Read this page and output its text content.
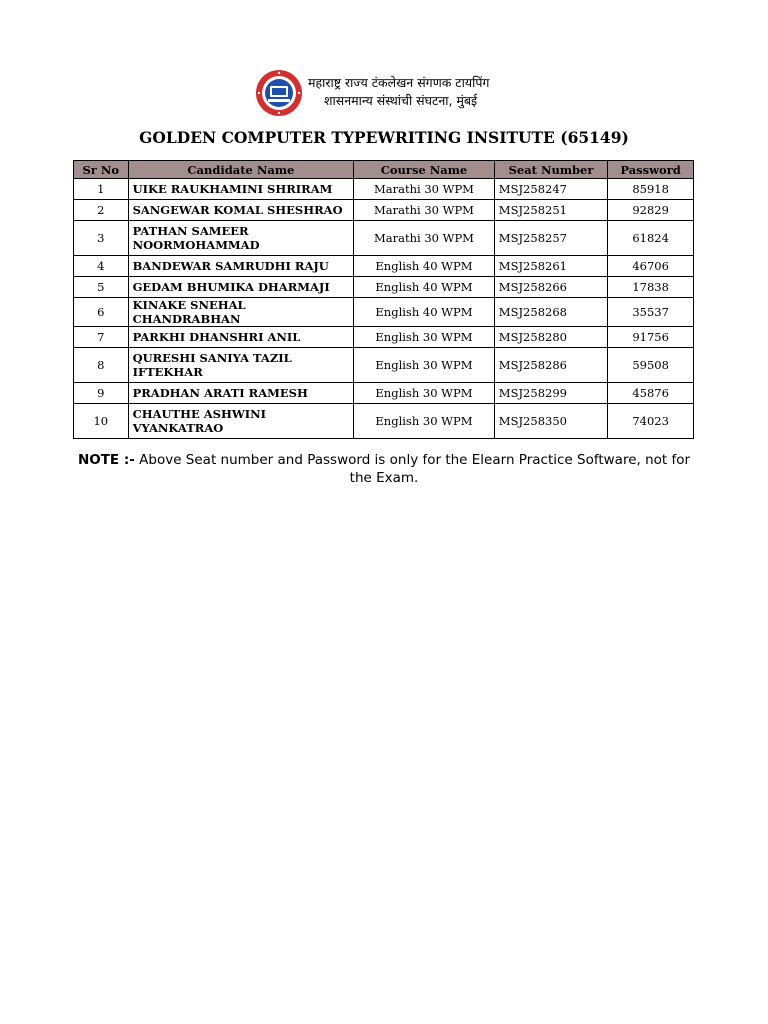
महाराष्ट्र राज्य टंकलेखन संगणक टायपिंग
शासनमान्य संस्थांची संघटना, मुंबई
GOLDEN COMPUTER TYPEWRITING INSITUTE (65149)
Sr No	Candidate Name	Course Name	Seat Number	Password
1	UIKE RAUKHAMINI SHRIRAM	Marathi 30 WPM	MSJ258247	85918
2	SANGEWAR KOMAL SHESHRAO	Marathi 30 WPM	MSJ258251	92829
3	PATHAN SAMEER NOORMOHAMMAD	Marathi 30 WPM	MSJ258257	61824
4	BANDEWAR SAMRUDHI RAJU	English 40 WPM	MSJ258261	46706
5	GEDAM BHUMIKA DHARMAJI	English 40 WPM	MSJ258266	17838
6	KINAKE SNEHAL CHANDRABHAN	English 40 WPM	MSJ258268	35537
7	PARKHI DHANSHRI ANIL	English 30 WPM	MSJ258280	91756
8	QURESHI SANIYA TAZIL IFTEKHAR	English 30 WPM	MSJ258286	59508
9	PRADHAN ARATI RAMESH	English 30 WPM	MSJ258299	45876
10	CHAUTHE ASHWINI VYANKATRAO	English 30 WPM	MSJ258350	74023
NOTE :- Above Seat number and Password is only for the Elearn Practice Software, not for the Exam.
